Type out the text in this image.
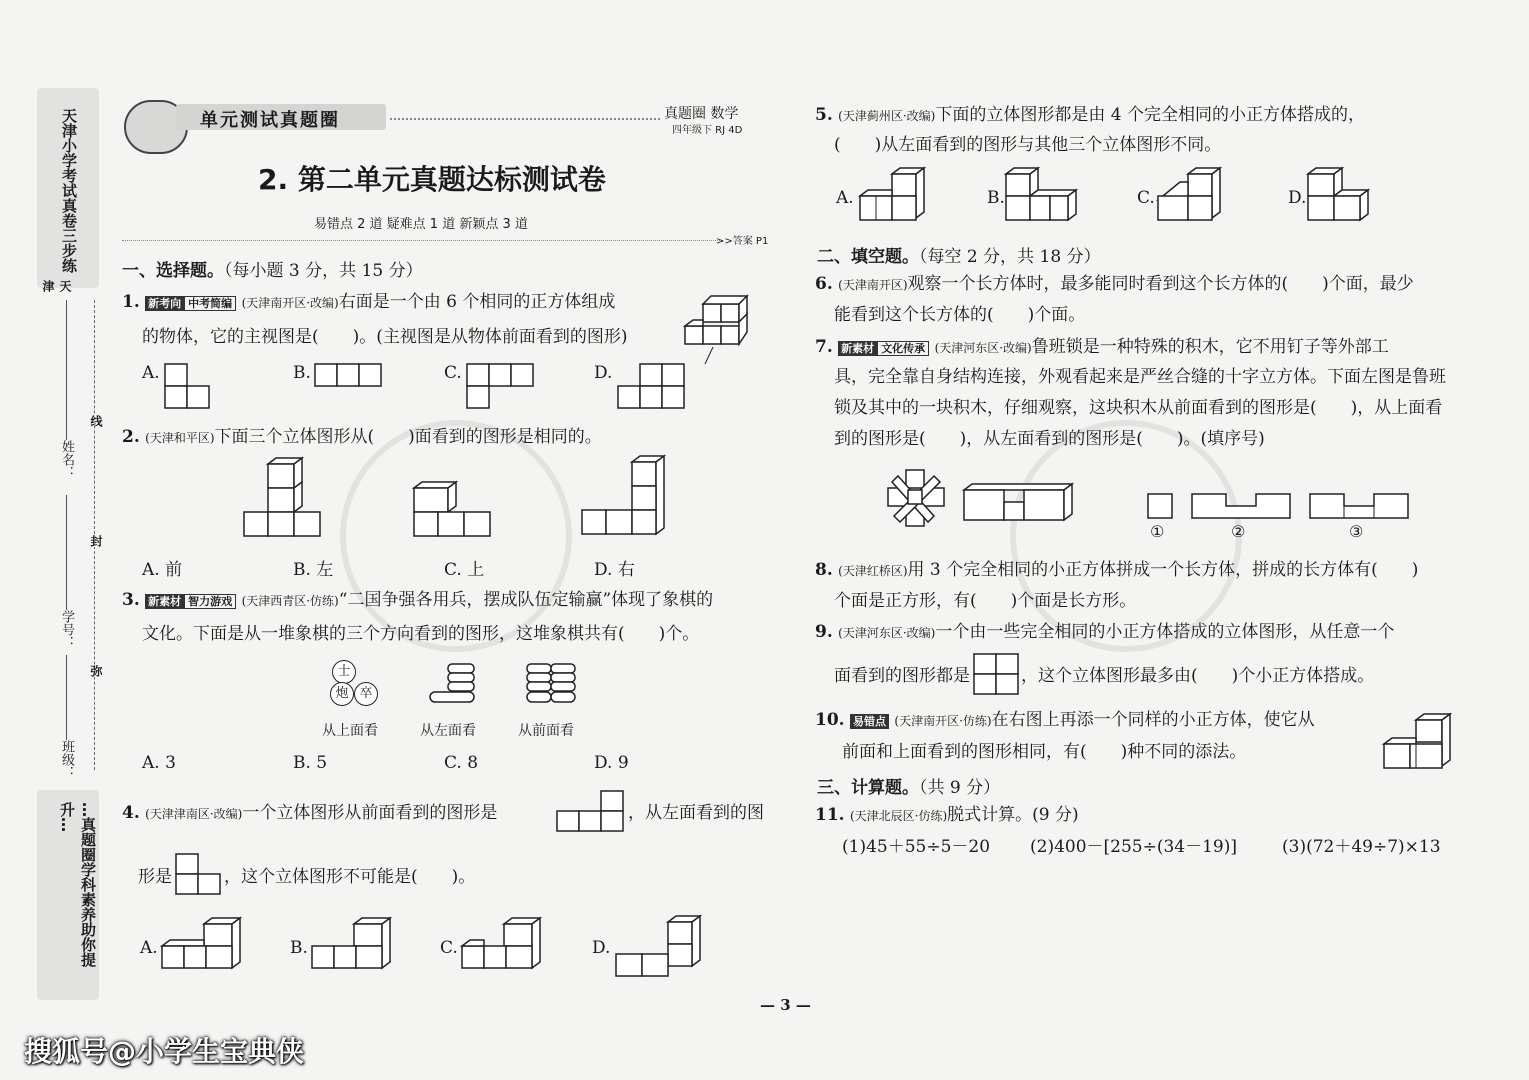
天津小学考试真卷三步练
天津
…真题圈学科素养助你提升…
姓名：
学号：
班级：
线
封
弥
单元测试真题圈	真题圈 数学
四年级下 RJ 4D
2. 第二单元真题达标测试卷
易错点 2 道 疑难点 1 道 新颖点 3 道
>>答案 P1
一、选择题。（每小题 3 分，共 15 分）
1. 新考向 中考简编 (天津南开区·改编)右面是一个由 6 个相同的正方体组成
的物体，它的主视图是(　　)。(主视图是从物体前面看到的图形)
A.	B.	C.	D.
2. (天津和平区)下面三个立体图形从(　　)面看到的图形是相同的。
A. 前	B. 左	C. 上	D. 右
3. 新素材 智力游戏 (天津西青区·仿练)“二国争强各用兵，摆成队伍定输赢”体现了象棋的
文化。下面是从一堆象棋的三个方向看到的图形，这堆象棋共有(　　)个。
士
炮 卒
从上面看	从左面看	从前面看
A. 3	B. 5	C. 8	D. 9
4. (天津津南区·改编)一个立体图形从前面看到的图形是	，从左面看到的图
形是	，这个立体图形不可能是(　　)。
A.	B.	C.	D.
5. (天津蓟州区·改编)下面的立体图形都是由 4 个完全相同的小正方体搭成的，
(　　)从左面看到的图形与其他三个立体图形不同。
A.	B.	C.	D.
二、填空题。（每空 2 分，共 18 分）
6. (天津南开区)观察一个长方体时，最多能同时看到这个长方体的(　　)个面，最少
能看到这个长方体的(　　)个面。
7. 新素材 文化传承 (天津河东区·改编)鲁班锁是一种特殊的积木，它不用钉子等外部工
具，完全靠自身结构连接，外观看起来是严丝合缝的十字立方体。下面左图是鲁班
锁及其中的一块积木，仔细观察，这块积木从前面看到的图形是(　　)，从上面看
到的图形是(　　)，从左面看到的图形是(　　)。(填序号)
①	②	③
8. (天津红桥区)用 3 个完全相同的小正方体拼成一个长方体，拼成的长方体有(　　)
个面是正方形，有(　　)个面是长方形。
9. (天津河东区·改编)一个由一些完全相同的小正方体搭成的立体图形，从任意一个
面看到的图形都是	，这个立体图形最多由(　　)个小正方体搭成。
10. 易错点 (天津南开区·仿练)在右图上再添一个同样的小正方体，使它从
前面和上面看到的图形相同，有(　　)种不同的添法。
三、计算题。（共 9 分）
11. (天津北辰区·仿练)脱式计算。(9 分)
(1)45＋55÷5－20 (2)400－[255÷(34－19)]	(3)(72＋49÷7)×13
— 3 —
搜狐号@小学生宝典侠
